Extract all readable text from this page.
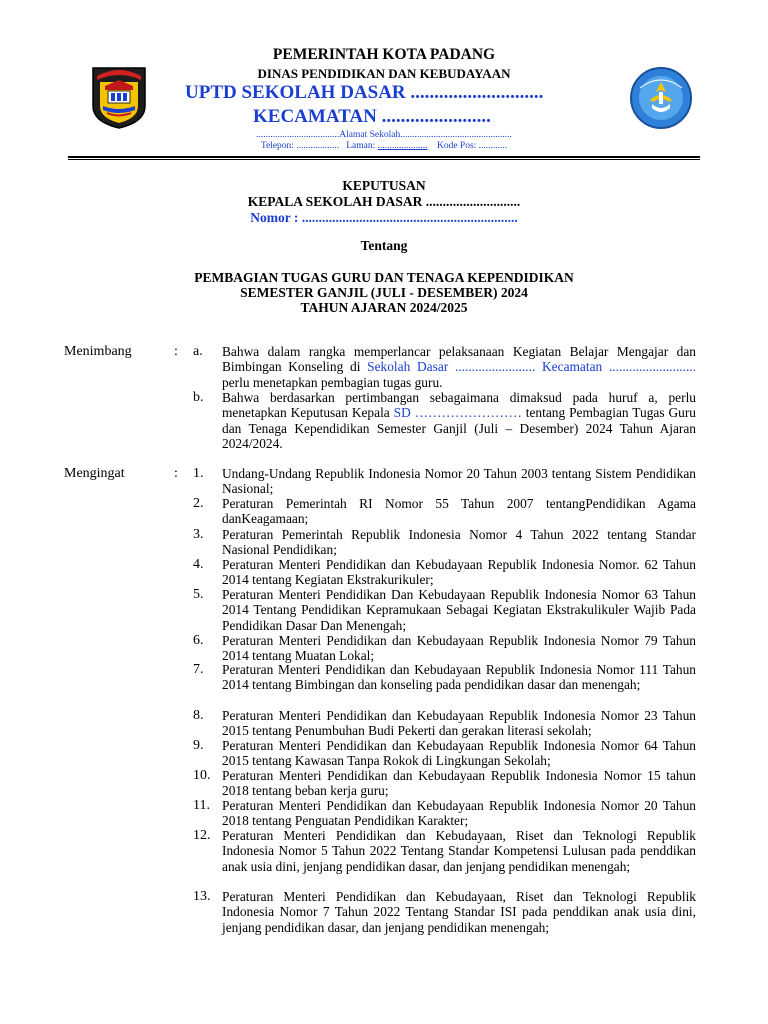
PEMERINTAH KOTA PADANG
DINAS PENDIDIKAN DAN KEBUDAYAAN
UPTD SEKOLAH DASAR ............................
KECAMATAN .......................
...................................Alamat Sekolah...............................................
Telepon: .................. Laman: ..................... Kode Pos: ............
KEPUTUSAN
KEPALA SEKOLAH DASAR ............................
Nomor : ................................................................
Tentang
PEMBAGIAN TUGAS GURU DAN TENAGA KEPENDIDIKAN
SEMESTER GANJIL (JULI - DESEMBER) 2024
TAHUN AJARAN 2024/2025
Menimbang	: a. Bahwa dalam rangka memperlancar pelaksanaan Kegiatan Belajar Mengajar dan Bimbingan Konseling di Sekolah Dasar ........................ Kecamatan .......................... perlu menetapkan pembagian tugas guru.
b. Bahwa berdasarkan pertimbangan sebagaimana dimaksud pada huruf a, perlu menetapkan Keputusan Kepala SD …………………… tentang Pembagian Tugas Guru dan Tenaga Kependidikan Semester Ganjil (Juli – Desember) 2024 Tahun Ajaran 2024/2024.
Mengingat	: 1. Undang-Undang Republik Indonesia Nomor 20 Tahun 2003 tentang Sistem Pendidikan Nasional;
2. Peraturan Pemerintah RI Nomor 55 Tahun 2007 tentangPendidikan Agama danKeagamaan;
3. Peraturan Pemerintah Republik Indonesia Nomor 4 Tahun 2022 tentang Standar Nasional Pendidikan;
4. Peraturan Menteri Pendidikan dan Kebudayaan Republik Indonesia Nomor. 62 Tahun 2014 tentang Kegiatan Ekstrakurikuler;
5. Peraturan Menteri Pendidikan Dan Kebudayaan Republik Indonesia Nomor 63 Tahun 2014 Tentang Pendidikan Kepramukaan Sebagai Kegiatan Ekstrakulikuler Wajib Pada Pendidikan Dasar Dan Menengah;
6. Peraturan Menteri Pendidikan dan Kebudayaan Republik Indonesia Nomor 79 Tahun 2014 tentang Muatan Lokal;
7. Peraturan Menteri Pendidikan dan Kebudayaan Republik Indonesia Nomor 111 Tahun 2014 tentang Bimbingan dan konseling pada pendidikan dasar dan menengah;
8. Peraturan Menteri Pendidikan dan Kebudayaan Republik Indonesia Nomor 23 Tahun 2015 tentang Penumbuhan Budi Pekerti dan gerakan literasi sekolah;
9. Peraturan Menteri Pendidikan dan Kebudayaan Republik Indonesia Nomor 64 Tahun 2015 tentang Kawasan Tanpa Rokok di Lingkungan Sekolah;
10. Peraturan Menteri Pendidikan dan Kebudayaan Republik Indonesia Nomor 15 tahun 2018 tentang beban kerja guru;
11. Peraturan Menteri Pendidikan dan Kebudayaan Republik Indonesia Nomor 20 Tahun 2018 tentang Penguatan Pendidikan Karakter;
12. Peraturan Menteri Pendidikan dan Kebudayaan, Riset dan Teknologi Republik Indonesia Nomor 5 Tahun 2022 Tentang Standar Kompetensi Lulusan pada penddikan anak usia dini, jenjang pendidikan dasar, dan jenjang pendidikan menengah;
13. Peraturan Menteri Pendidikan dan Kebudayaan, Riset dan Teknologi Republik Indonesia Nomor 7 Tahun 2022 Tentang Standar ISI pada penddikan anak usia dini, jenjang pendidikan dasar, dan jenjang pendidikan menengah;
